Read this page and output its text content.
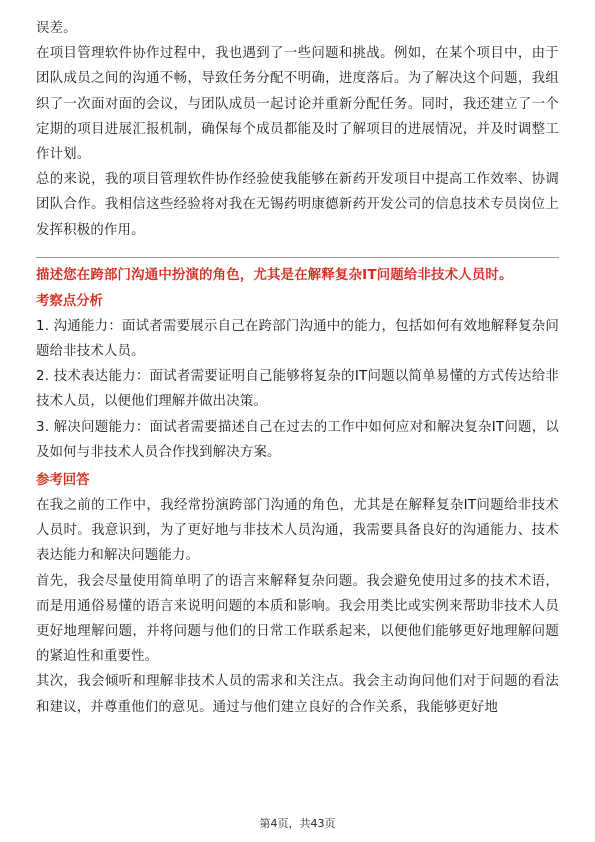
误差。

在项目管理软件协作过程中，我也遇到了一些问题和挑战。例如，在某个项目中，由于团队成员之间的沟通不畅，导致任务分配不明确，进度落后。为了解决这个问题，我组织了一次面对面的会议，与团队成员一起讨论并重新分配任务。同时，我还建立了一个定期的项目进展汇报机制，确保每个成员都能及时了解项目的进展情况，并及时调整工作计划。

总的来说，我的项目管理软件协作经验使我能够在新药开发项目中提高工作效率、协调团队合作。我相信这些经验将对我在无锡药明康德新药开发公司的信息技术专员岗位上发挥积极的作用。

描述您在跨部门沟通中扮演的角色，尤其是在解释复杂IT问题给非技术人员时。

考察点分析

1. 沟通能力：面试者需要展示自己在跨部门沟通中的能力，包括如何有效地解释复杂问题给非技术人员。

2. 技术表达能力：面试者需要证明自己能够将复杂的IT问题以简单易懂的方式传达给非技术人员，以便他们理解并做出决策。

3. 解决问题能力：面试者需要描述自己在过去的工作中如何应对和解决复杂IT问题，以及如何与非技术人员合作找到解决方案。

参考回答

在我之前的工作中，我经常扮演跨部门沟通的角色，尤其是在解释复杂IT问题给非技术人员时。我意识到，为了更好地与非技术人员沟通，我需要具备良好的沟通能力、技术表达能力和解决问题能力。

首先，我会尽量使用简单明了的语言来解释复杂问题。我会避免使用过多的技术术语，而是用通俗易懂的语言来说明问题的本质和影响。我会用类比或实例来帮助非技术人员更好地理解问题，并将问题与他们的日常工作联系起来，以便他们能够更好地理解问题的紧迫性和重要性。

其次，我会倾听和理解非技术人员的需求和关注点。我会主动询问他们对于问题的看法和建议，并尊重他们的意见。通过与他们建立良好的合作关系，我能够更好地

第4页，共43页
